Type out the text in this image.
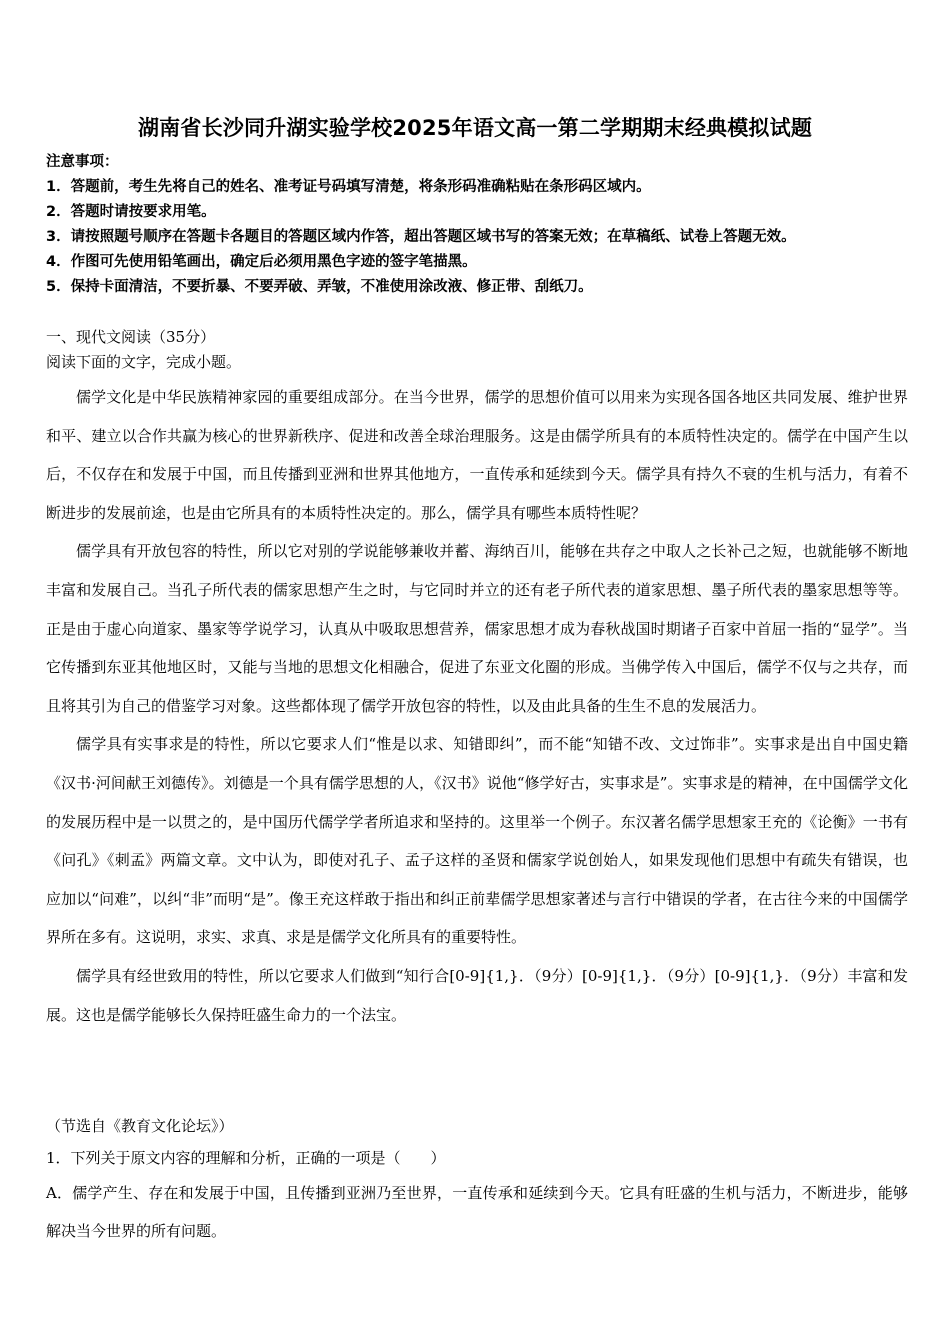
湖南省长沙同升湖实验学校2025年语文高一第二学期期末经典模拟试题
注意事项：
1．答题前，考生先将自己的姓名、准考证号码填写清楚，将条形码准确粘贴在条形码区域内。
2．答题时请按要求用笔。
3．请按照题号顺序在答题卡各题目的答题区域内作答，超出答题区域书写的答案无效；在草稿纸、试卷上答题无效。
4．作图可先使用铅笔画出，确定后必须用黑色字迹的签字笔描黑。
5．保持卡面清洁，不要折暴、不要弄破、弄皱，不准使用涂改液、修正带、刮纸刀。
一、现代文阅读（35分）
阅读下面的文字，完成小题。

儒学文化是中华民族精神家园的重要组成部分。在当今世界，儒学的思想价值可以用来为实现各国各地区共同发展、维护世界和平、建立以合作共赢为核心的世界新秩序、促进和改善全球治理服务。这是由儒学所具有的本质特性决定的。儒学在中国产生以后，不仅存在和发展于中国，而且传播到亚洲和世界其他地方，一直传承和延续到今天。儒学具有持久不衰的生机与活力，有着不断进步的发展前途，也是由它所具有的本质特性决定的。那么，儒学具有哪些本质特性呢？

儒学具有开放包容的特性，所以它对别的学说能够兼收并蓄、海纳百川，能够在共存之中取人之长补己之短，也就能够不断地丰富和发展自己。当孔子所代表的儒家思想产生之时，与它同时并立的还有老子所代表的道家思想、墨子所代表的墨家思想等等。正是由于虚心向道家、墨家等学说学习，认真从中吸取思想营养，儒家思想才成为春秋战国时期诸子百家中首屈一指的“显学”。当它传播到东亚其他地区时，又能与当地的思想文化相融合，促进了东亚文化圈的形成。当佛学传入中国后，儒学不仅与之共存，而且将其引为自己的借鉴学习对象。这些都体现了儒学开放包容的特性，以及由此具备的生生不息的发展活力。

儒学具有实事求是的特性，所以它要求人们“惟是以求、知错即纠”，而不能“知错不改、文过饰非”。实事求是出自中国史籍《汉书·河间献王刘德传》。刘德是一个具有儒学思想的人，《汉书》说他“修学好古，实事求是”。实事求是的精神，在中国儒学文化的发展历程中是一以贯之的，是中国历代儒学学者所追求和坚持的。这里举一个例子。东汉著名儒学思想家王充的《论衡》一书有《问孔》《刺孟》两篇文章。文中认为，即使对孔子、孟子这样的圣贤和儒家学说创始人，如果发现他们思想中有疏失有错误，也应加以“问难”，以纠“非”而明“是”。像王充这样敢于指出和纠正前辈儒学思想家著述与言行中错误的学者，在古往今来的中国儒学界所在多有。这说明，求实、求真、求是是儒学文化所具有的重要特性。

儒学具有经世致用的特性，所以它要求人们做到“知行合[0-9]{1,}．（9分）[0-9]{1,}．（9分）[0-9]{1,}．（9分）丰富和发展。这也是儒学能够长久保持旺盛生命力的一个法宝。

（节选自《教育文化论坛》）
1．下列关于原文内容的理解和分析，正确的一项是（　　）
A．儒学产生、存在和发展于中国，且传播到亚洲乃至世界，一直传承和延续到今天。它具有旺盛的生机与活力，不断进步，能够解决当今世界的所有问题。
